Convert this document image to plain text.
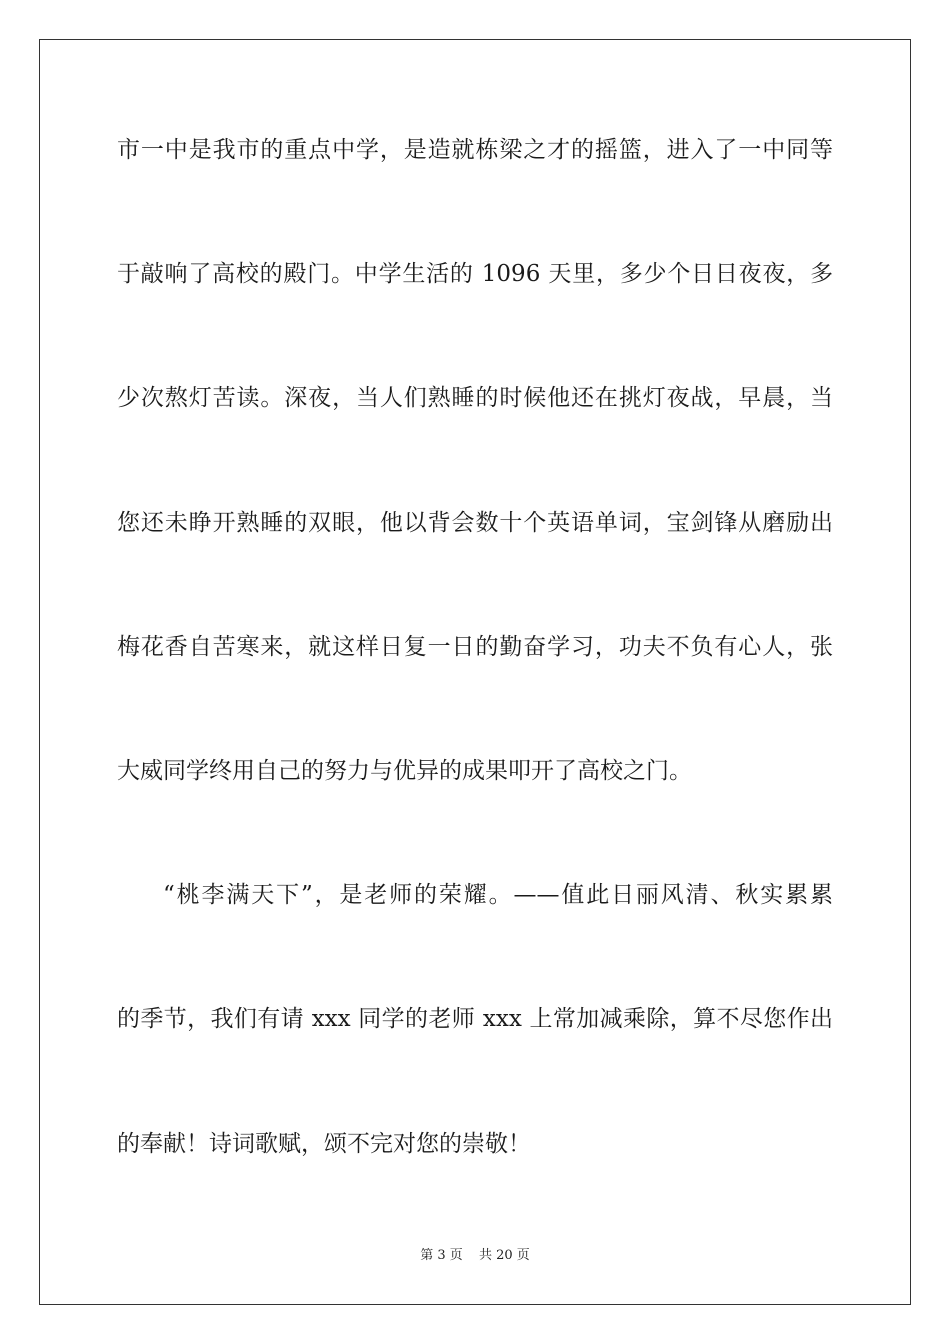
市一中是我市的重点中学，是造就栋梁之才的摇篮，进入了一中同等
于敲响了高校的殿门。中学生活的 1096 天里，多少个日日夜夜，多
少次熬灯苦读。深夜，当人们熟睡的时候他还在挑灯夜战，早晨，当
您还未睁开熟睡的双眼，他以背会数十个英语单词，宝剑锋从磨励出
梅花香自苦寒来，就这样日复一日的勤奋学习，功夫不负有心人，张
大威同学终用自己的努力与优异的成果叩开了高校之门。
“桃李满天下”，是老师的荣耀。——值此日丽风清、秋实累累
的季节，我们有请 xxx 同学的老师 xxx 上常加减乘除，算不尽您作出
的奉献！诗词歌赋，颂不完对您的崇敬！
第 3 页 共 20 页
